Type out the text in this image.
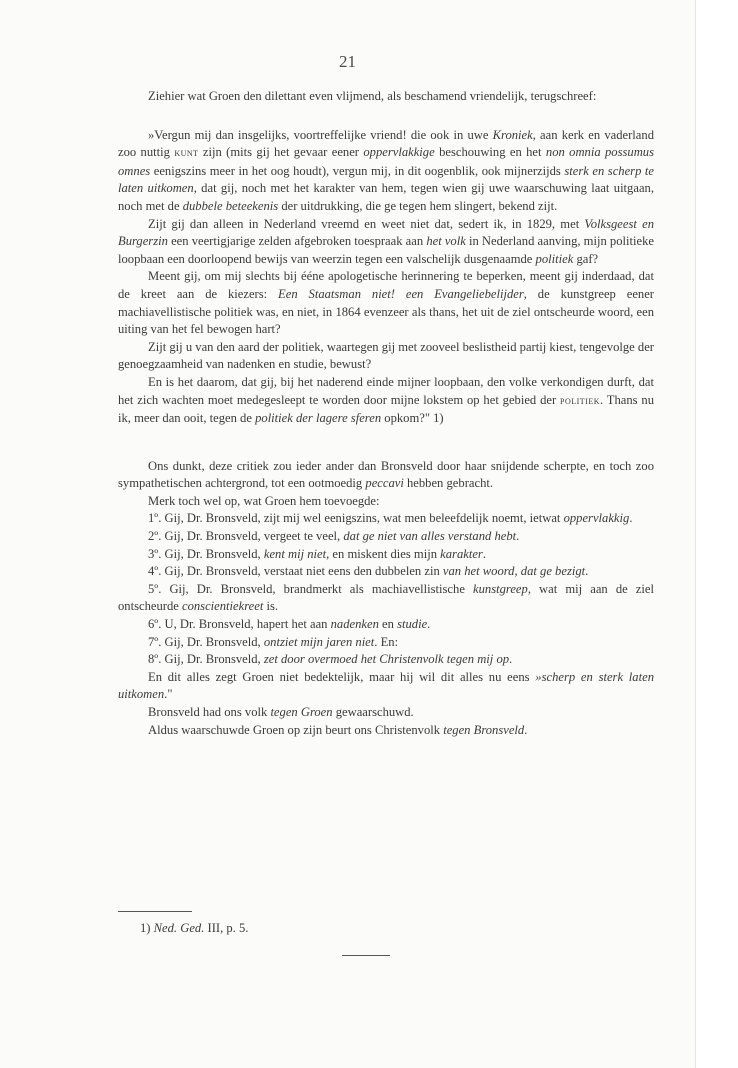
21

Ziehier wat Groen den dilettant even vlijmend, als beschamend vriendelijk, terugschreef:

»Vergun mij dan insgelijks, voortreffelijke vriend! die ook in uwe Kroniek, aan kerk en vaderland zoo nuttig kunt zijn (mits gij het gevaar eener oppervlakkige beschouwing en het non omnia possumus omnes eenigszins meer in het oog houdt), vergun mij, in dit oogenblik, ook mijnerzijds sterk en scherp te laten uitkomen, dat gij, noch met het karakter van hem, tegen wien gij uwe waarschuwing laat uitgaan, noch met de dubbele beteekenis der uitdrukking, die ge tegen hem slingert, bekend zijt.

Zijt gij dan alleen in Nederland vreemd en weet niet dat, sedert ik, in 1829, met Volksgeest en Burgerzin een veertigjarige zelden afgebroken toespraak aan het volk in Nederland aanving, mijn politieke loopbaan een doorloopend bewijs van weerzin tegen een valschelijk dusgenaamde politiek gaf?

Meent gij, om mij slechts bij ééne apologetische herinnering te beperken, meent gij inderdaad, dat de kreet aan de kiezers: Een Staatsman niet! een Evangeliebelijder, de kunstgreep eener machiavellistische politiek was, en niet, in 1864 evenzeer als thans, het uit de ziel ontscheurde woord, een uiting van het fel bewogen hart?

Zijt gij u van den aard der politiek, waartegen gij met zooveel beslistheid partij kiest, tengevolge der genoegzaamheid van nadenken en studie, bewust?

En is het daarom, dat gij, bij het naderend einde mijner loopbaan, den volke verkondigen durft, dat het zich wachten moet medegesleept te worden door mijne lokstem op het gebied der politiek. Thans nu ik, meer dan ooit, tegen de politiek der lagere sferen opkom?" 1)

Ons dunkt, deze critiek zou ieder ander dan Bronsveld door haar snijdende scherpte, en toch zoo sympathetischen achtergrond, tot een ootmoedig peccavi hebben gebracht.

Merk toch wel op, wat Groen hem toevoegde:

1º. Gij, Dr. Bronsveld, zijt mij wel eenigszins, wat men beleefdelijk noemt, ietwat oppervlakkig.
2º. Gij, Dr. Bronsveld, vergeet te veel, dat ge niet van alles verstand hebt.
3º. Gij, Dr. Bronsveld, kent mij niet, en miskent dies mijn karakter.
4º. Gij, Dr. Bronsveld, verstaat niet eens den dubbelen zin van het woord, dat ge bezigt.
5º. Gij, Dr. Bronsveld, brandmerkt als machiavellistische kunstgreep, wat mij aan de ziel ontscheurde conscientiekreet is.
6º. U, Dr. Bronsveld, hapert het aan nadenken en studie.
7º. Gij, Dr. Bronsveld, ontziet mijn jaren niet. En:
8º. Gij, Dr. Bronsveld, zet door overmoed het Christenvolk tegen mij op.

En dit alles zegt Groen niet bedektelijk, maar hij wil dit alles nu eens »scherp en sterk laten uitkomen."

Bronsveld had ons volk tegen Groen gewaarschuwd.

Aldus waarschuwde Groen op zijn beurt ons Christenvolk tegen Bronsveld.

1) Ned. Ged. III, p. 5.
